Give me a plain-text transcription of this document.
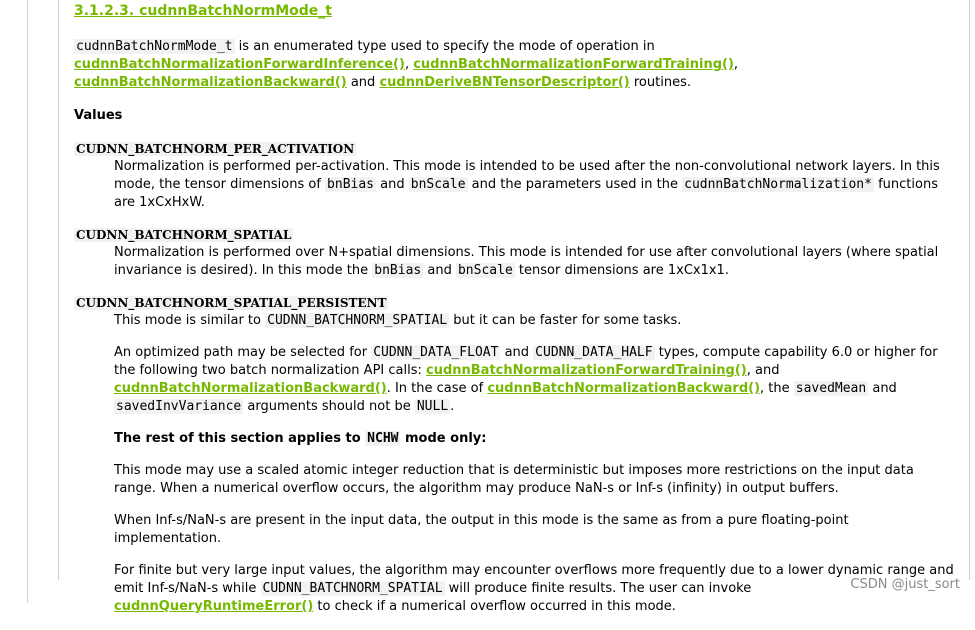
3.1.2.3. cudnnBatchNormMode_t

cudnnBatchNormMode_t is an enumerated type used to specify the mode of operation in cudnnBatchNormalizationForwardInference(), cudnnBatchNormalizationForwardTraining(), cudnnBatchNormalizationBackward() and cudnnDeriveBNTensorDescriptor() routines.

Values
CUDNN_BATCHNORM_PER_ACTIVATION

Normalization is performed per-activation. This mode is intended to be used after the non-convolutional network layers. In this mode, the tensor dimensions of bnBias and bnScale and the parameters used in the cudnnBatchNormalization* functions are 1xCxHxW.

CUDNN_BATCHNORM_SPATIAL

Normalization is performed over N+spatial dimensions. This mode is intended for use after convolutional layers (where spatial invariance is desired). In this mode the bnBias and bnScale tensor dimensions are 1xCx1x1.

CUDNN_BATCHNORM_SPATIAL_PERSISTENT

This mode is similar to CUDNN_BATCHNORM_SPATIAL but it can be faster for some tasks.

An optimized path may be selected for CUDNN_DATA_FLOAT and CUDNN_DATA_HALF types, compute capability 6.0 or higher for the following two batch normalization API calls: cudnnBatchNormalizationForwardTraining(), and cudnnBatchNormalizationBackward(). In the case of cudnnBatchNormalizationBackward(), the savedMean and savedInvVariance arguments should not be NULL .

The rest of this section applies to NCHW mode only:

This mode may use a scaled atomic integer reduction that is deterministic but imposes more restrictions on the input data range. When a numerical overflow occurs, the algorithm may produce NaN-s or Inf-s (infinity) in output buffers.

When Inf-s/NaN-s are present in the input data, the output in this mode is the same as from a pure floating-point implementation.

For finite but very large input values, the algorithm may encounter overflows more frequently due to a lower dynamic range and emit Inf-s/NaN-s while CUDNN_BATCHNORM_SPATIAL will produce finite results. The user can invoke cudnnQueryRuntimeError() to check if a numerical overflow occurred in this mode.

CSDN @just_sort
